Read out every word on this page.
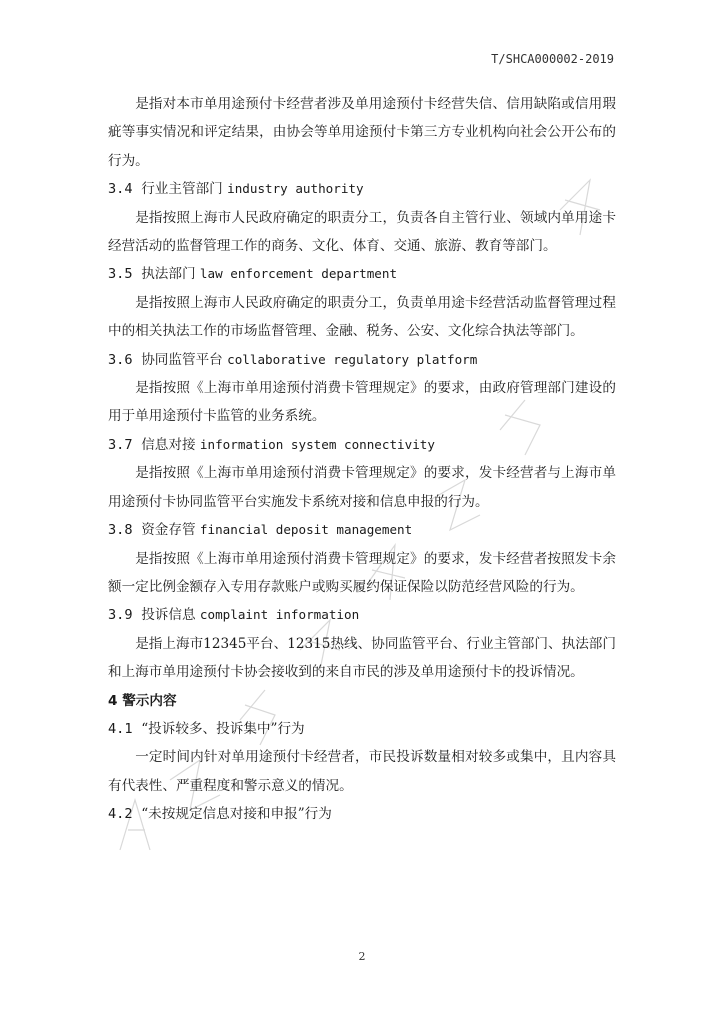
T/SHCA000002-2019

是指对本市单用途预付卡经营者涉及单用途预付卡经营失信、信用缺陷或信用瑕疵等事实情况和评定结果，由协会等单用途预付卡第三方专业机构向社会公开公布的行为。

3.4 行业主管部门 industry authority

是指按照上海市人民政府确定的职责分工，负责各自主管行业、领域内单用途卡经营活动的监督管理工作的商务、文化、体育、交通、旅游、教育等部门。

3.5 执法部门 law enforcement department

是指按照上海市人民政府确定的职责分工，负责单用途卡经营活动监督管理过程中的相关执法工作的市场监督管理、金融、税务、公安、文化综合执法等部门。

3.6 协同监管平台 collaborative regulatory platform

是指按照《上海市单用途预付消费卡管理规定》的要求，由政府管理部门建设的用于单用途预付卡监管的业务系统。

3.7 信息对接 information system connectivity

是指按照《上海市单用途预付消费卡管理规定》的要求，发卡经营者与上海市单用途预付卡协同监管平台实施发卡系统对接和信息申报的行为。

3.8 资金存管 financial deposit management

是指按照《上海市单用途预付消费卡管理规定》的要求，发卡经营者按照发卡余额一定比例金额存入专用存款账户或购买履约保证保险以防范经营风险的行为。

3.9 投诉信息 complaint information

是指上海市12345平台、12315热线、协同监管平台、行业主管部门、执法部门和上海市单用途预付卡协会接收到的来自市民的涉及单用途预付卡的投诉情况。

4 警示内容

4.1 “投诉较多、投诉集中”行为

一定时间内针对单用途预付卡经营者，市民投诉数量相对较多或集中，且内容具有代表性、严重程度和警示意义的情况。

4.2 “未按规定信息对接和申报”行为

2
